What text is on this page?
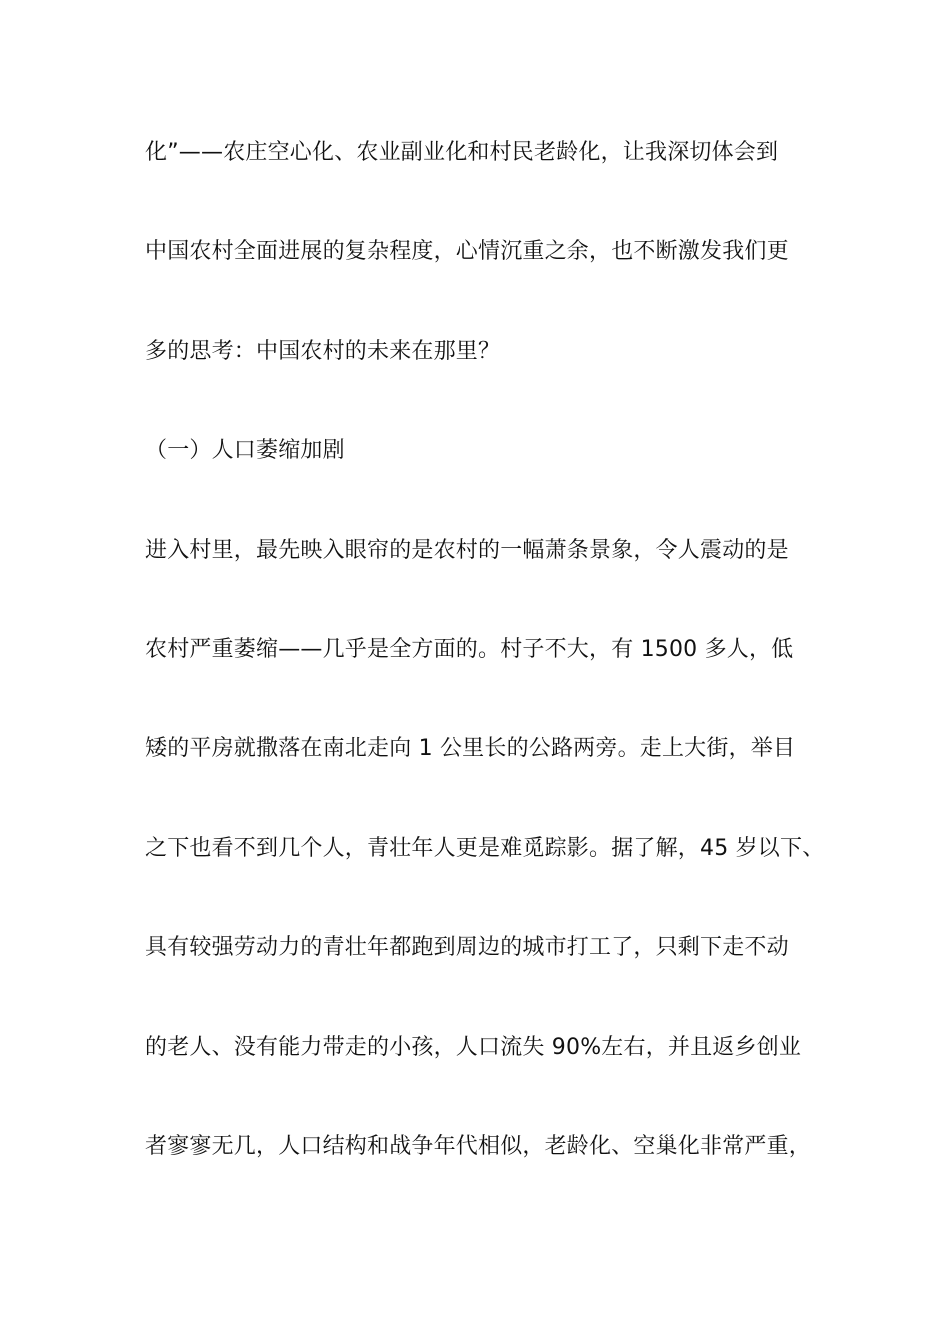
化”——农庄空心化、农业副业化和村民老龄化，让我深切体会到
中国农村全面进展的复杂程度，心情沉重之余，也不断激发我们更
多的思考：中国农村的未来在那里？
（一）人口萎缩加剧
进入村里，最先映入眼帘的是农村的一幅萧条景象，令人震动的是
农村严重萎缩——几乎是全方面的。村子不大，有 1500 多人，低
矮的平房就撒落在南北走向 1 公里长的公路两旁。走上大街，举目
之下也看不到几个人，青壮年人更是难觅踪影。据了解，45 岁以下、
具有较强劳动力的青壮年都跑到周边的城市打工了，只剩下走不动
的老人、没有能力带走的小孩，人口流失 90%左右，并且返乡创业
者寥寥无几，人口结构和战争年代相似，老龄化、空巢化非常严重，
